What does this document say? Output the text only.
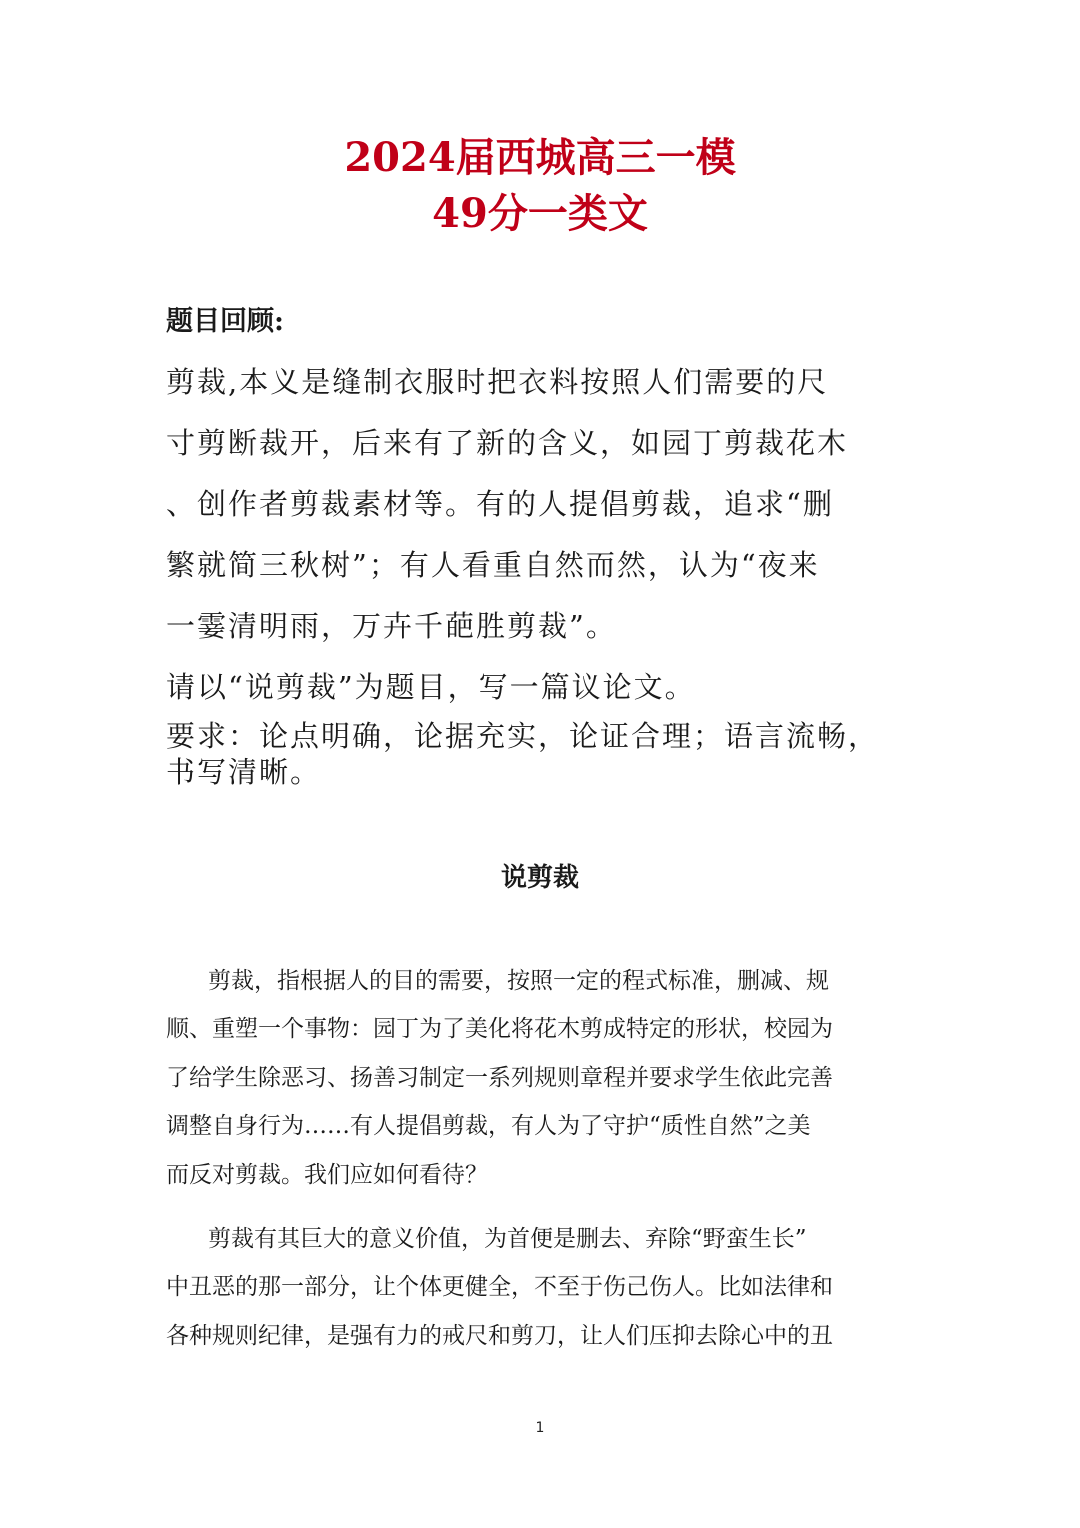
2024届西城高三一模
49分一类文
题目回顾:
剪裁,本义是缝制衣服时把衣料按照人们需要的尺
寸剪断裁开，后来有了新的含义，如园丁剪裁花木
、创作者剪裁素材等。有的人提倡剪裁，追求“删
繁就简三秋树”；有人看重自然而然，认为“夜来
一霎清明雨，万卉千葩胜剪裁”。
请以“说剪裁”为题目，写一篇议论文。
要求：论点明确，论据充实，论证合理；语言流畅，
书写清晰。
说剪裁
剪裁，指根据人的目的需要，按照一定的程式标准，删减、规
顺、重塑一个事物：园丁为了美化将花木剪成特定的形状，校园为
了给学生除恶习、扬善习制定一系列规则章程并要求学生依此完善
调整自身行为……有人提倡剪裁，有人为了守护“质性自然”之美
而反对剪裁。我们应如何看待？
剪裁有其巨大的意义价值，为首便是删去、弃除“野蛮生长”
中丑恶的那一部分，让个体更健全，不至于伤己伤人。比如法律和
各种规则纪律，是强有力的戒尺和剪刀，让人们压抑去除心中的丑
1
